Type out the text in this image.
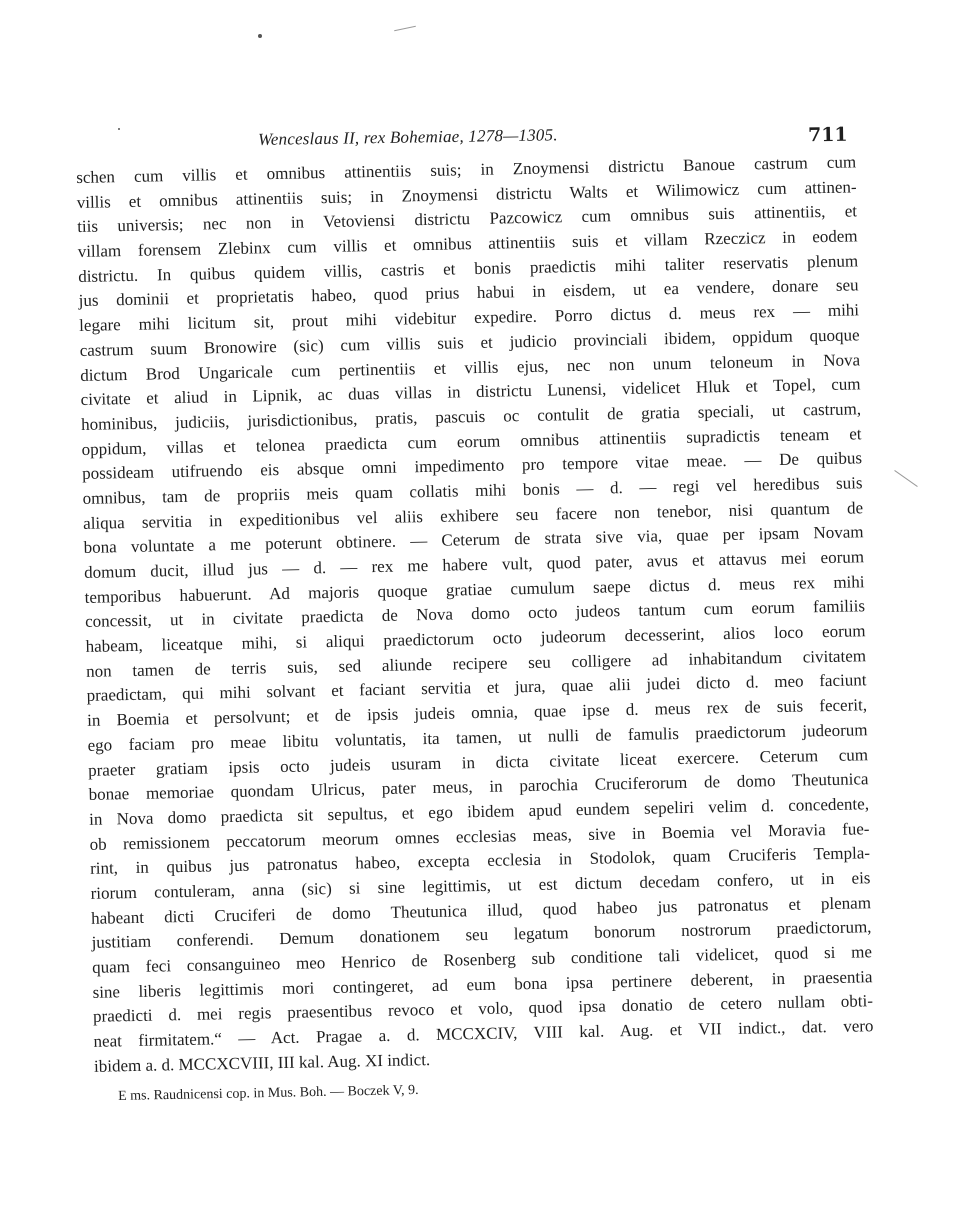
Wenceslaus II, rex Bohemiae, 1278—1305.	711
schen cum villis et omnibus attinentiis suis; in Znoymensi districtu Banoue castrum cum
villis et omnibus attinentiis suis; in Znoymensi districtu Walts et Wilimowicz cum attinen-
tiis universis; nec non in Vetoviensi districtu Pazcowicz cum omnibus suis attinentiis, et
villam forensem Zlebinx cum villis et omnibus attinentiis suis et villam Rzeczicz in eodem
districtu. In quibus quidem villis, castris et bonis praedictis mihi taliter reservatis plenum
jus dominii et proprietatis habeo, quod prius habui in eisdem, ut ea vendere, donare seu
legare mihi licitum sit, prout mihi videbitur expedire. Porro dictus d. meus rex — mihi
castrum suum Bronowire (sic) cum villis suis et judicio provinciali ibidem, oppidum quoque
dictum Brod Ungaricale cum pertinentiis et villis ejus, nec non unum teloneum in Nova
civitate et aliud in Lipnik, ac duas villas in districtu Lunensi, videlicet Hluk et Topel, cum
hominibus, judiciis, jurisdictionibus, pratis, pascuis oc contulit de gratia speciali, ut castrum,
oppidum, villas et telonea praedicta cum eorum omnibus attinentiis supradictis teneam et
possideam utifruendo eis absque omni impedimento pro tempore vitae meae. — De quibus
omnibus, tam de propriis meis quam collatis mihi bonis — d. — regi vel heredibus suis
aliqua servitia in expeditionibus vel aliis exhibere seu facere non tenebor, nisi quantum de
bona voluntate a me poterunt obtinere. — Ceterum de strata sive via, quae per ipsam Novam
domum ducit, illud jus — d. — rex me habere vult, quod pater, avus et attavus mei eorum
temporibus habuerunt. Ad majoris quoque gratiae cumulum saepe dictus d. meus rex mihi
concessit, ut in civitate praedicta de Nova domo octo judeos tantum cum eorum familiis
habeam, liceatque mihi, si aliqui praedictorum octo judeorum decesserint, alios loco eorum
non tamen de terris suis, sed aliunde recipere seu colligere ad inhabitandum civitatem
praedictam, qui mihi solvant et faciant servitia et jura, quae alii judei dicto d. meo faciunt
in Boemia et persolvunt; et de ipsis judeis omnia, quae ipse d. meus rex de suis fecerit,
ego faciam pro meae libitu voluntatis, ita tamen, ut nulli de famulis praedictorum judeorum
praeter gratiam ipsis octo judeis usuram in dicta civitate liceat exercere. Ceterum cum
bonae memoriae quondam Ulricus, pater meus, in parochia Cruciferorum de domo Theutunica
in Nova domo praedicta sit sepultus, et ego ibidem apud eundem sepeliri velim d. concedente,
ob remissionem peccatorum meorum omnes ecclesias meas, sive in Boemia vel Moravia fue-
rint, in quibus jus patronatus habeo, excepta ecclesia in Stodolok, quam Cruciferis Templa-
riorum contuleram, anna (sic) si sine legittimis, ut est dictum decedam confero, ut in eis
habeant dicti Cruciferi de domo Theutunica illud, quod habeo jus patronatus et plenam
justitiam conferendi. Demum donationem seu legatum bonorum nostrorum praedictorum,
quam feci consanguineo meo Henrico de Rosenberg sub conditione tali videlicet, quod si me
sine liberis legittimis mori contingeret, ad eum bona ipsa pertinere deberent, in praesentia
praedicti d. mei regis praesentibus revoco et volo, quod ipsa donatio de cetero nullam obti-
neat firmitatem.“ — Act. Pragae a. d. MCCXCIV, VIII kal. Aug. et VII indict., dat. vero
ibidem a. d. MCCXCVIII, III kal. Aug. XI indict.
E ms. Raudnicensi cop. in Mus. Boh. — Boczek V, 9.
